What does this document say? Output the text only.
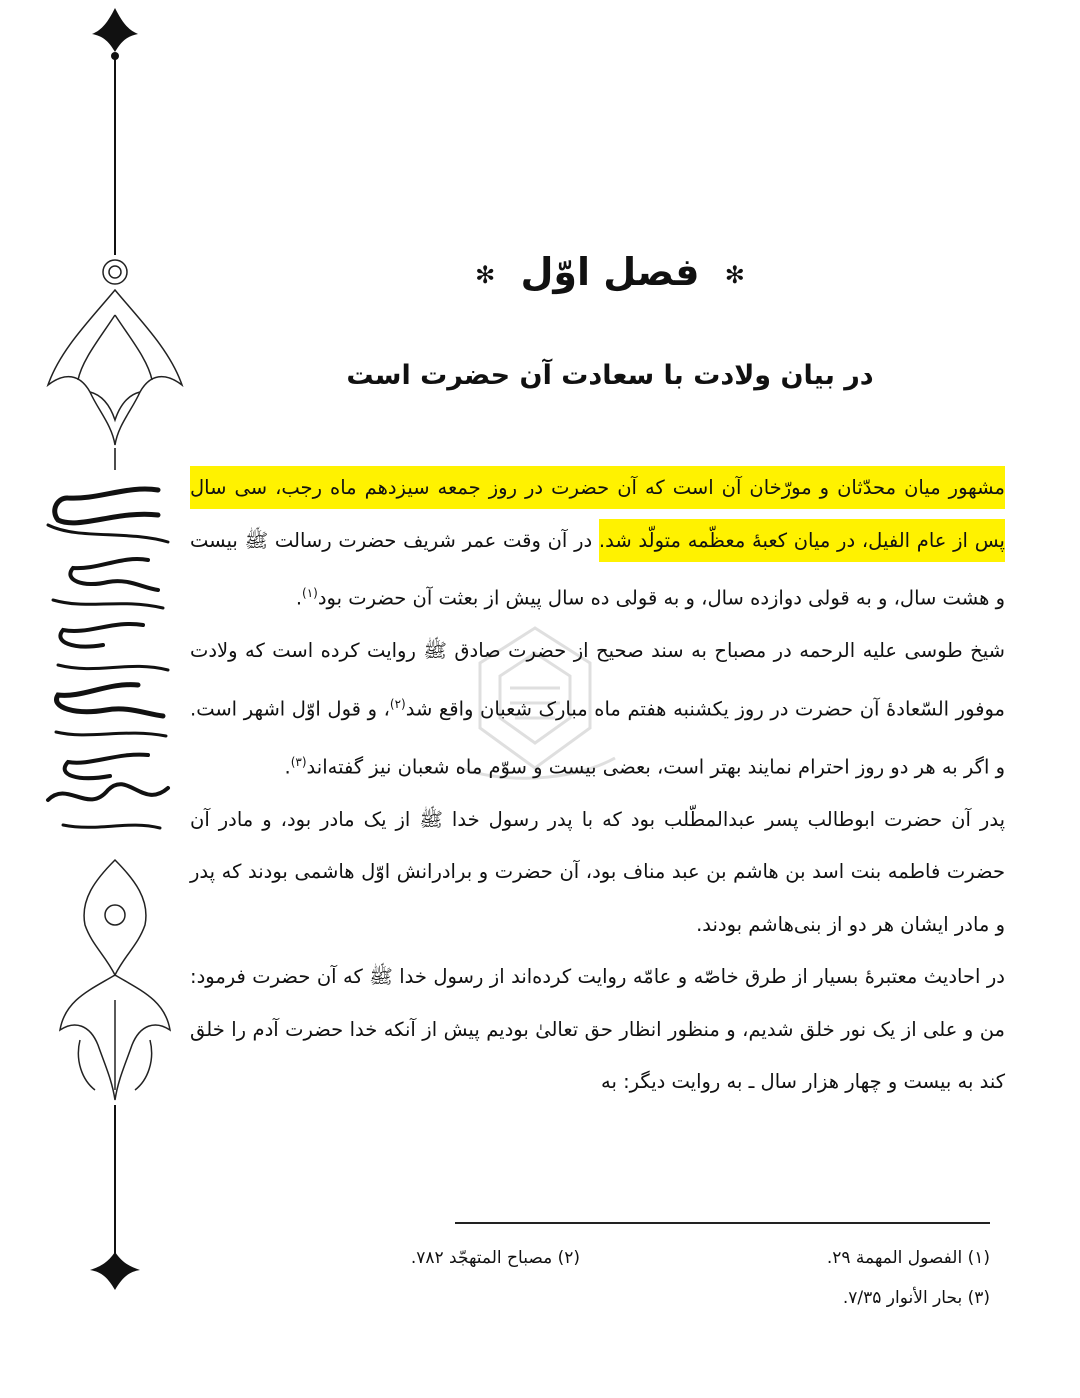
✻ فصل اوّل ✻
در بیان ولادت با سعادت آن حضرت است

مشهور میان محدّثان و مورّخان آن است که آن حضرت در روز جمعه سیزدهم ماه رجب، سی سال پس از عام الفیل، در میان کعبهٔ معظّمه متولّد شد. در آن وقت عمر شریف حضرت رسالت ﷺ بیست و هشت سال، و به قولی دوازده سال، و به قولی ده سال پیش از بعثت آن حضرت بود$^{(۱)}$.

شیخ طوسی علیه الرحمه در مصباح به سند صحیح از حضرت صادق ﷺ روایت کرده است که ولادت موفور السّعادهٔ آن حضرت در روز یکشنبه هفتم ماه مبارک شعبان واقع شد$^{(۲)}$، و قول اوّل اشهر است. و اگر به هر دو روز احترام نمایند بهتر است، بعضی بیست و سوّم ماه شعبان نیز گفته‌اند$^{(۳)}$.

پدر آن حضرت ابوطالب پسر عبدالمطّلب بود که با پدر رسول خدا ﷺ از یک مادر بود، و مادر آن حضرت فاطمه بنت اسد بن هاشم بن عبد مناف بود، آن حضرت و برادرانش اوّل هاشمی بودند که پدر و مادر ایشان هر دو از بنی‌هاشم بودند.

در احادیث معتبرهٔ بسیار از طرق خاصّه و عامّه روایت کرده‌اند از رسول خدا ﷺ که آن حضرت فرمود: من و علی از یک نور خلق شدیم، و منظور انظار حق تعالیٰ بودیم پیش از آنکه خدا حضرت آدم را خلق کند به بیست و چهار هزار سال ـ به روایت دیگر: به

(۱) الفصول المهمة ۲۹.
(۲) مصباح المتهجّد ۷۸۲.
(۳) بحار الأنوار ۷/۳۵.
